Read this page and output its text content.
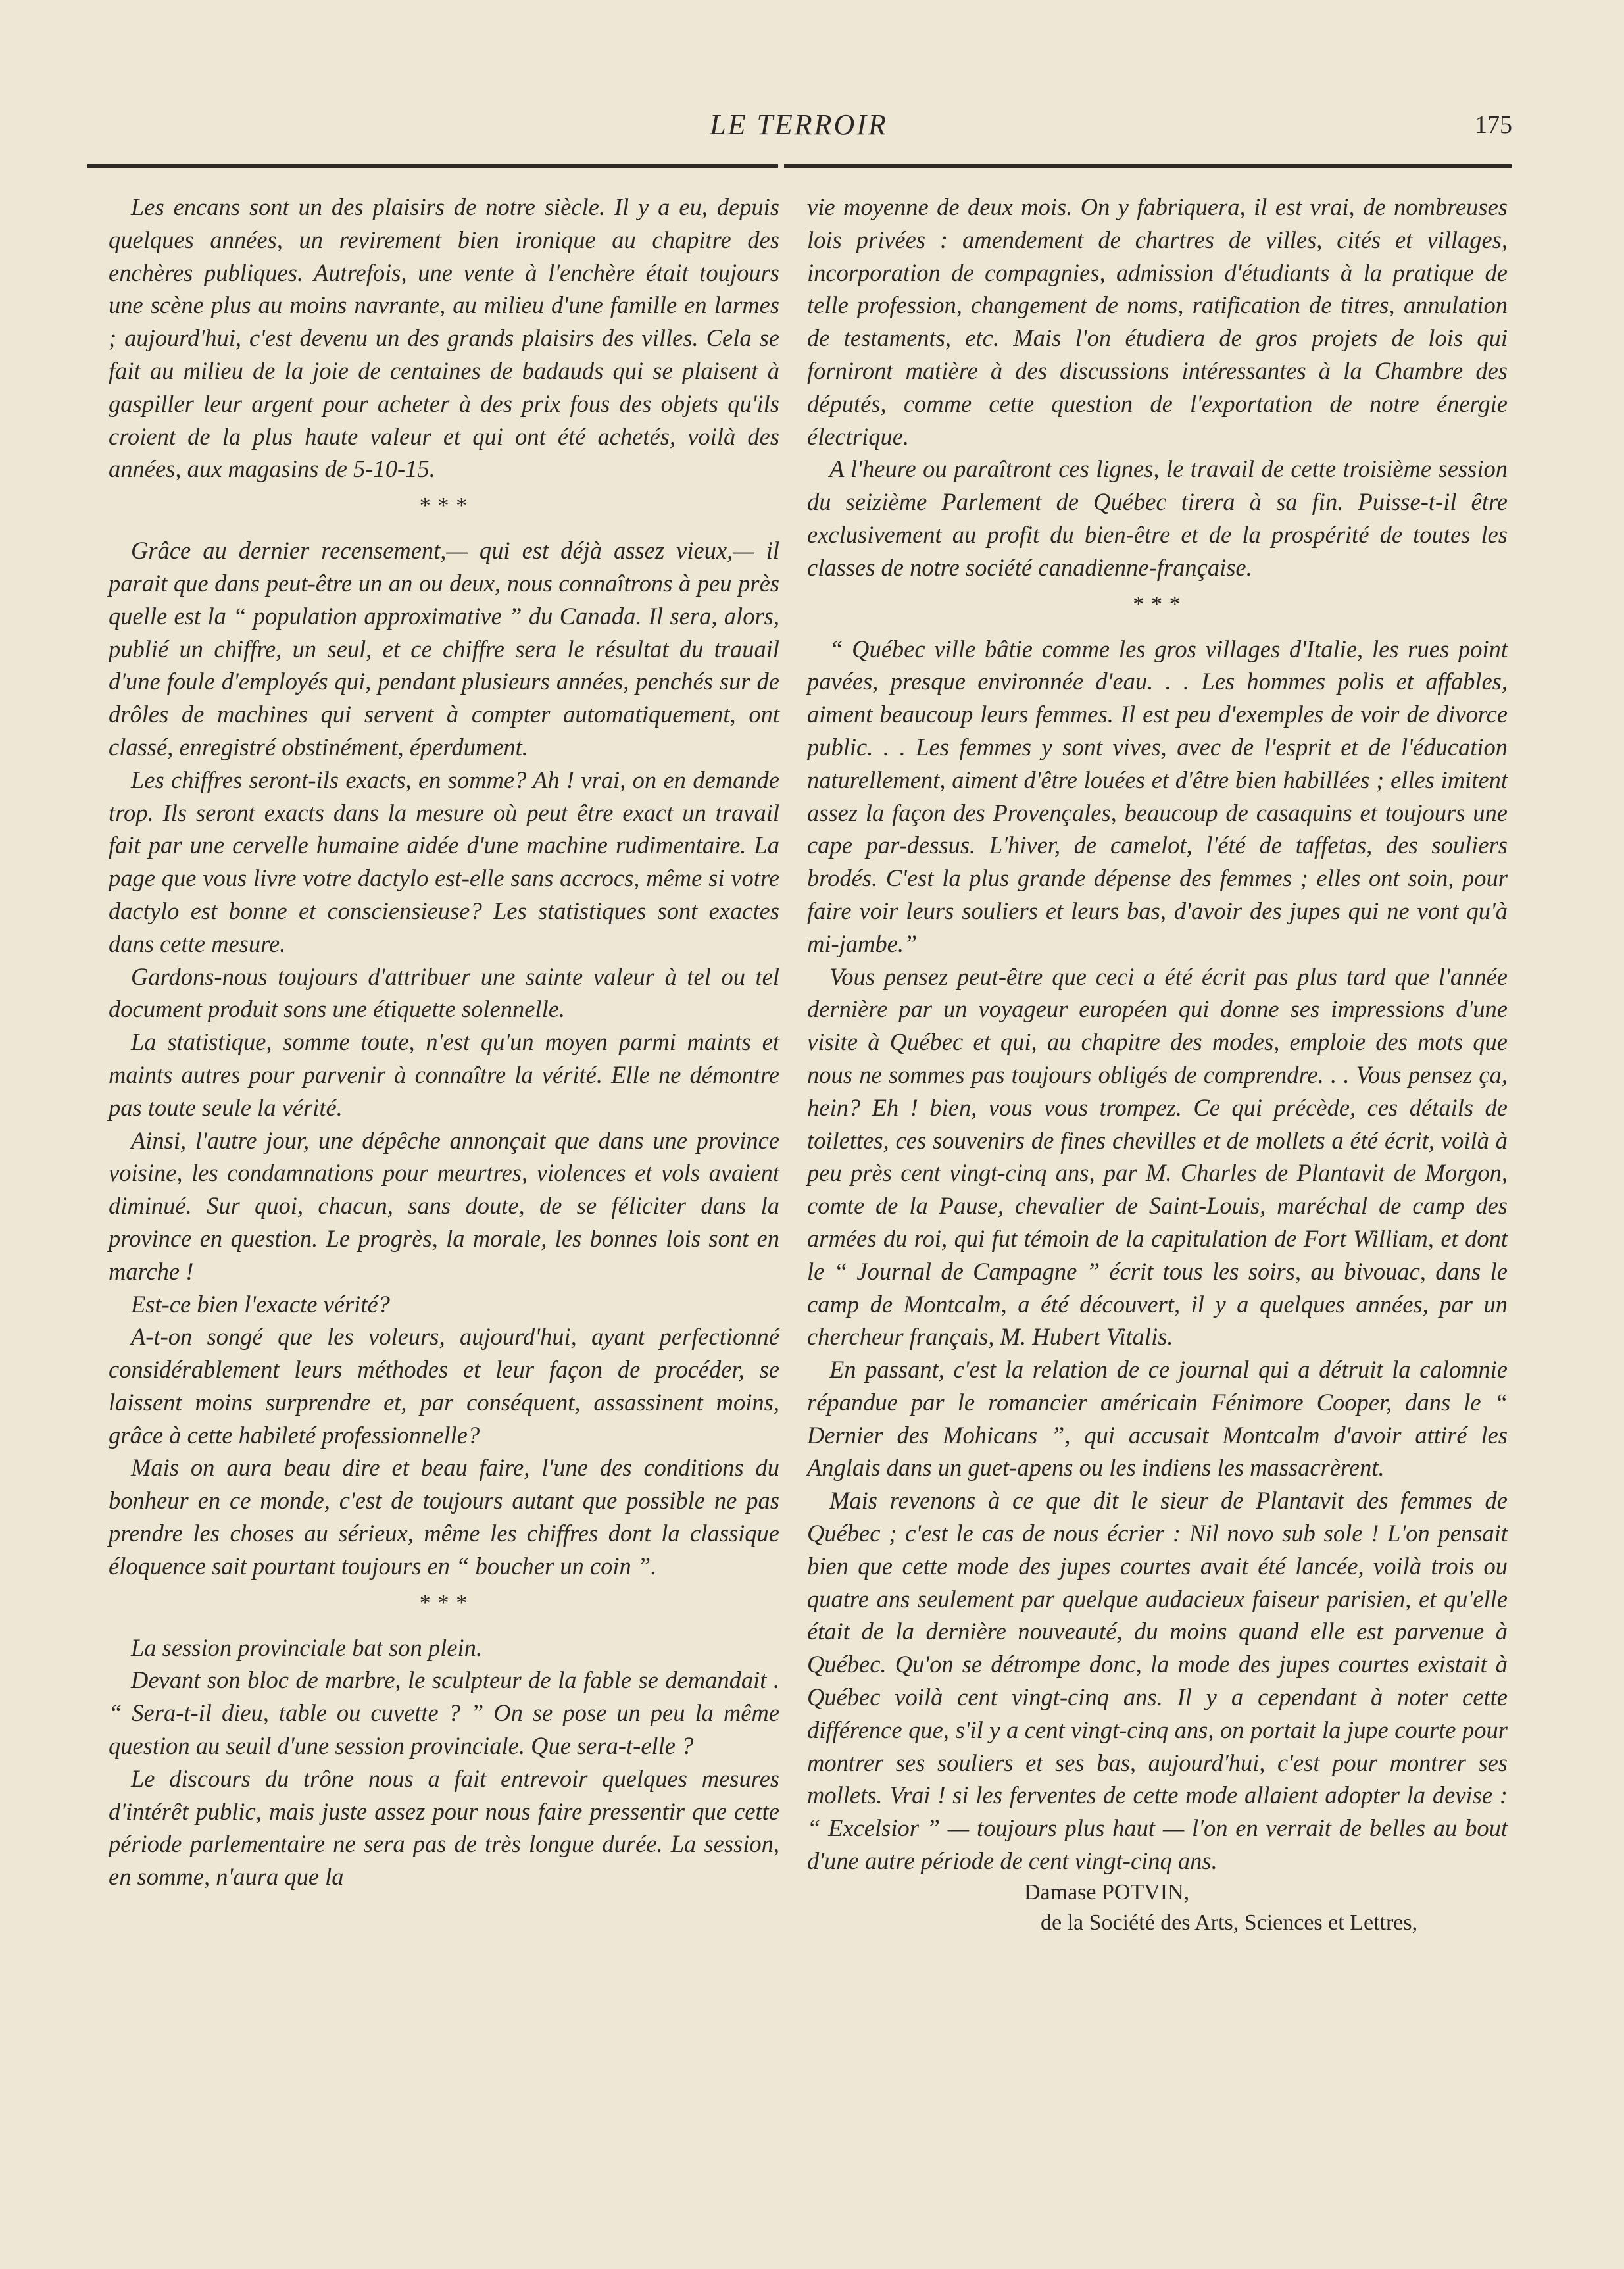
LE TERROIR	175

Les encans sont un des plaisirs de notre siècle. Il y a eu, depuis quelques années, un revirement bien ironique au chapitre des enchères publiques. Autrefois, une vente à l'enchère était toujours une scène plus au moins navrante, au milieu d'une famille en larmes ; aujourd'hui, c'est devenu un des grands plaisirs des villes. Cela se fait au milieu de la joie de centaines de badauds qui se plaisent à gaspiller leur argent pour acheter à des prix fous des objets qu'ils croient de la plus haute valeur et qui ont été achetés, voilà des années, aux magasins de 5-10-15.

* * *

Grâce au dernier recensement,— qui est déjà assez vieux,— il parait que dans peut-être un an ou deux, nous connaîtrons à peu près quelle est la “ population approximative ” du Canada. Il sera, alors, publié un chiffre, un seul, et ce chiffre sera le résultat du trauail d'une foule d'employés qui, pendant plusieurs années, penchés sur de drôles de machines qui servent à compter automatiquement, ont classé, enregistré obstinément, éperdument.

Les chiffres seront-ils exacts, en somme? Ah ! vrai, on en demande trop. Ils seront exacts dans la mesure où peut être exact un travail fait par une cervelle humaine aidée d'une machine rudimentaire. La page que vous livre votre dactylo est-elle sans accrocs, même si votre dactylo est bonne et consciensieuse? Les statistiques sont exactes dans cette mesure.

Gardons-nous toujours d'attribuer une sainte valeur à tel ou tel document produit sons une étiquette solennelle.

La statistique, somme toute, n'est qu'un moyen parmi maints et maints autres pour parvenir à connaître la vérité. Elle ne démontre pas toute seule la vérité.

Ainsi, l'autre jour, une dépêche annonçait que dans une province voisine, les condamnations pour meurtres, violences et vols avaient diminué. Sur quoi, chacun, sans doute, de se féliciter dans la province en question. Le progrès, la morale, les bonnes lois sont en marche !

Est-ce bien l'exacte vérité?

A-t-on songé que les voleurs, aujourd'hui, ayant perfectionné considérablement leurs méthodes et leur façon de procéder, se laissent moins surprendre et, par conséquent, assassinent moins, grâce à cette habileté professionnelle?

Mais on aura beau dire et beau faire, l'une des conditions du bonheur en ce monde, c'est de toujours autant que possible ne pas prendre les choses au sérieux, même les chiffres dont la classique éloquence sait pourtant toujours en “ boucher un coin ”.

* * *

La session provinciale bat son plein.

Devant son bloc de marbre, le sculpteur de la fable se demandait . “ Sera-t-il dieu, table ou cuvette ? ” On se pose un peu la même question au seuil d'une session provinciale. Que sera-t-elle ?

Le discours du trône nous a fait entrevoir quelques mesures d'intérêt public, mais juste assez pour nous faire pressentir que cette période parlementaire ne sera pas de très longue durée. La session, en somme, n'aura que la

vie moyenne de deux mois. On y fabriquera, il est vrai, de nombreuses lois privées : amendement de chartres de villes, cités et villages, incorporation de compagnies, admission d'étudiants à la pratique de telle profession, changement de noms, ratification de titres, annulation de testaments, etc. Mais l'on étudiera de gros projets de lois qui forniront matière à des discussions intéressantes à la Chambre des députés, comme cette question de l'exportation de notre énergie électrique.

A l'heure ou paraîtront ces lignes, le travail de cette troisième session du seizième Parlement de Québec tirera à sa fin. Puisse-t-il être exclusivement au profit du bien-être et de la prospérité de toutes les classes de notre société canadienne-française.

* * *

“ Québec ville bâtie comme les gros villages d'Italie, les rues point pavées, presque environnée d'eau. . . Les hommes polis et affables, aiment beaucoup leurs femmes. Il est peu d'exemples de voir de divorce public. . . Les femmes y sont vives, avec de l'esprit et de l'éducation naturellement, aiment d'être louées et d'être bien habillées ; elles imitent assez la façon des Provençales, beaucoup de casaquins et toujours une cape par-dessus. L'hiver, de camelot, l'été de taffetas, des souliers brodés. C'est la plus grande dépense des femmes ; elles ont soin, pour faire voir leurs souliers et leurs bas, d'avoir des jupes qui ne vont qu'à mi-jambe.”

Vous pensez peut-être que ceci a été écrit pas plus tard que l'année dernière par un voyageur européen qui donne ses impressions d'une visite à Québec et qui, au chapitre des modes, emploie des mots que nous ne sommes pas toujours obligés de comprendre. . . Vous pensez ça, hein? Eh ! bien, vous vous trompez. Ce qui précède, ces détails de toilettes, ces souvenirs de fines chevilles et de mollets a été écrit, voilà à peu près cent vingt-cinq ans, par M. Charles de Plantavit de Morgon, comte de la Pause, chevalier de Saint-Louis, maréchal de camp des armées du roi, qui fut témoin de la capitulation de Fort William, et dont le “ Journal de Campagne ” écrit tous les soirs, au bivouac, dans le camp de Montcalm, a été découvert, il y a quelques années, par un chercheur français, M. Hubert Vitalis.

En passant, c'est la relation de ce journal qui a détruit la calomnie répandue par le romancier américain Fénimore Cooper, dans le “ Dernier des Mohicans ”, qui accusait Montcalm d'avoir attiré les Anglais dans un guet-apens ou les indiens les massacrèrent.

Mais revenons à ce que dit le sieur de Plantavit des femmes de Québec ; c'est le cas de nous écrier : Nil novo sub sole ! L'on pensait bien que cette mode des jupes courtes avait été lancée, voilà trois ou quatre ans seulement par quelque audacieux faiseur parisien, et qu'elle était de la dernière nouveauté, du moins quand elle est parvenue à Québec. Qu'on se détrompe donc, la mode des jupes courtes existait à Québec voilà cent vingt-cinq ans. Il y a cependant à noter cette différence que, s'il y a cent vingt-cinq ans, on portait la jupe courte pour montrer ses souliers et ses bas, aujourd'hui, c'est pour montrer ses mollets. Vrai ! si les ferventes de cette mode allaient adopter la devise : “ Excelsior ” — toujours plus haut — l'on en verrait de belles au bout d'une autre période de cent vingt-cinq ans.

Damase POTVIN,
de la Société des Arts, Sciences et Lettres,
